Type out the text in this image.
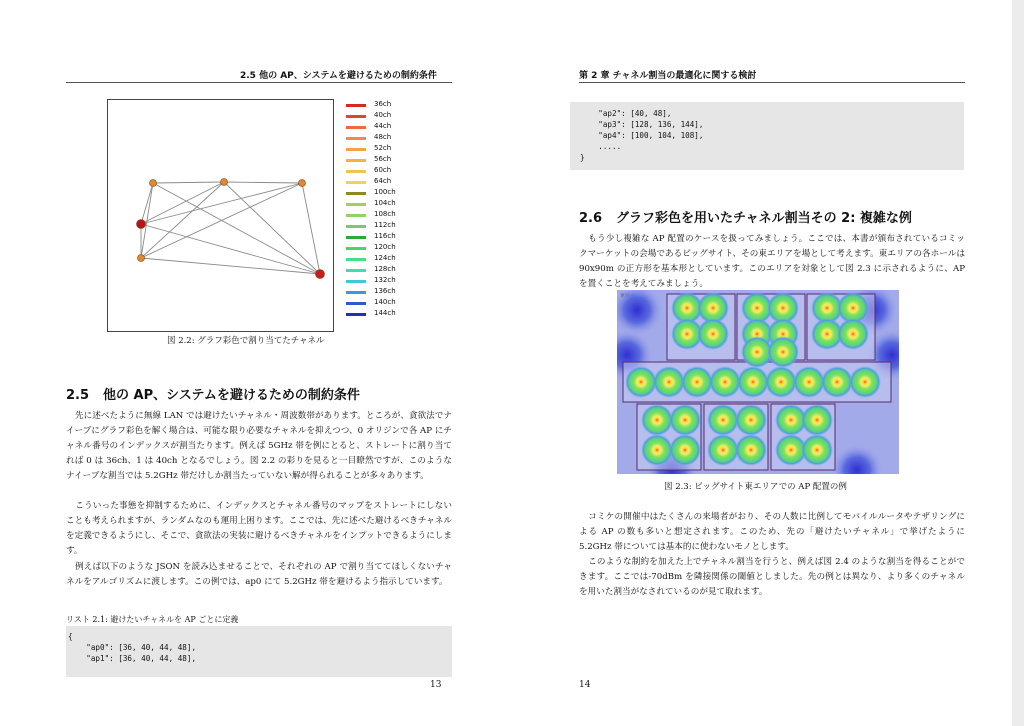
2.5 他の AP、システムを避けるための制約条件
36ch
40ch
44ch
48ch
52ch
56ch
60ch
64ch
100ch
104ch
108ch
112ch
116ch
120ch
124ch
128ch
132ch
136ch
140ch
144ch
図 2.2: グラフ彩色で割り当てたチャネル
2.5 他の AP、システムを避けるための制約条件

先に述べたように無線 LAN では避けたいチャネル・周波数帯があります。ところが、貪欲法でナイーブにグラフ彩色を解く場合は、可能な限り必要なチャネルを抑えつつ、0 オリジンで各 AP にチャネル番号のインデックスが割当たります。例えば 5GHz 帯を例にとると、ストレートに割り当てれば 0 は 36ch、1 は 40ch となるでしょう。図 2.2 の彩りを見ると一目瞭然ですが、このようなナイーブな割当では 5.2GHz 帯だけしか割当たっていない解が得られることが多々あります。

こういった事態を抑制するために、インデックスとチャネル番号のマップをストレートにしないことも考えられますが、ランダムなのも運用上困ります。ここでは、先に述べた避けるべきチャネルを定義できるようにし、そこで、貪欲法の実装に避けるべきチャネルをインプットできるようにします。

例えば以下のような JSON を読み込ませることで、それぞれの AP で割り当ててほしくないチャネルをアルゴリズムに渡します。この例では、ap0 にて 5.2GHz 帯を避けるよう指示しています。

リスト 2.1: 避けたいチャネルを AP ごとに定義
{
"ap0": [36, 40, 44, 48],
"ap1": [36, 40, 44, 48],
13
第 2 章 チャネル割当の最適化に関する検討
"ap2": [40, 48],
"ap3": [128, 136, 144],
"ap4": [100, 104, 108],
.....
}
2.6 グラフ彩色を用いたチャネル割当その 2: 複雑な例

もう少し複雑な AP 配置のケースを扱ってみましょう。ここでは、本書が頒布されているコミックマーケットの会場であるビッグサイト、その東エリアを場として考えます。東エリアの各ホールは 90x90m の正方形を基本形としています。このエリアを対象として図 2.3 に示されるように、AP を置くことを考えてみましょう。

図 2.3: ビッグサイト東エリアでの AP 配置の例

コミケの開催中はたくさんの来場者がおり、その人数に比例してモバイルルータやテザリングによる AP の数も多いと想定されます。このため、先の「避けたいチャネル」で挙げたように 5.2GHz 帯については基本的に使わないモノとします。

このような制約を加えた上でチャネル割当を行うと、例えば図 2.4 のような割当を得ることができます。ここでは-70dBm を隣接関係の閾値としました。先の例とは異なり、より多くのチャネルを用いた割当がなされているのが見て取れます。

14
